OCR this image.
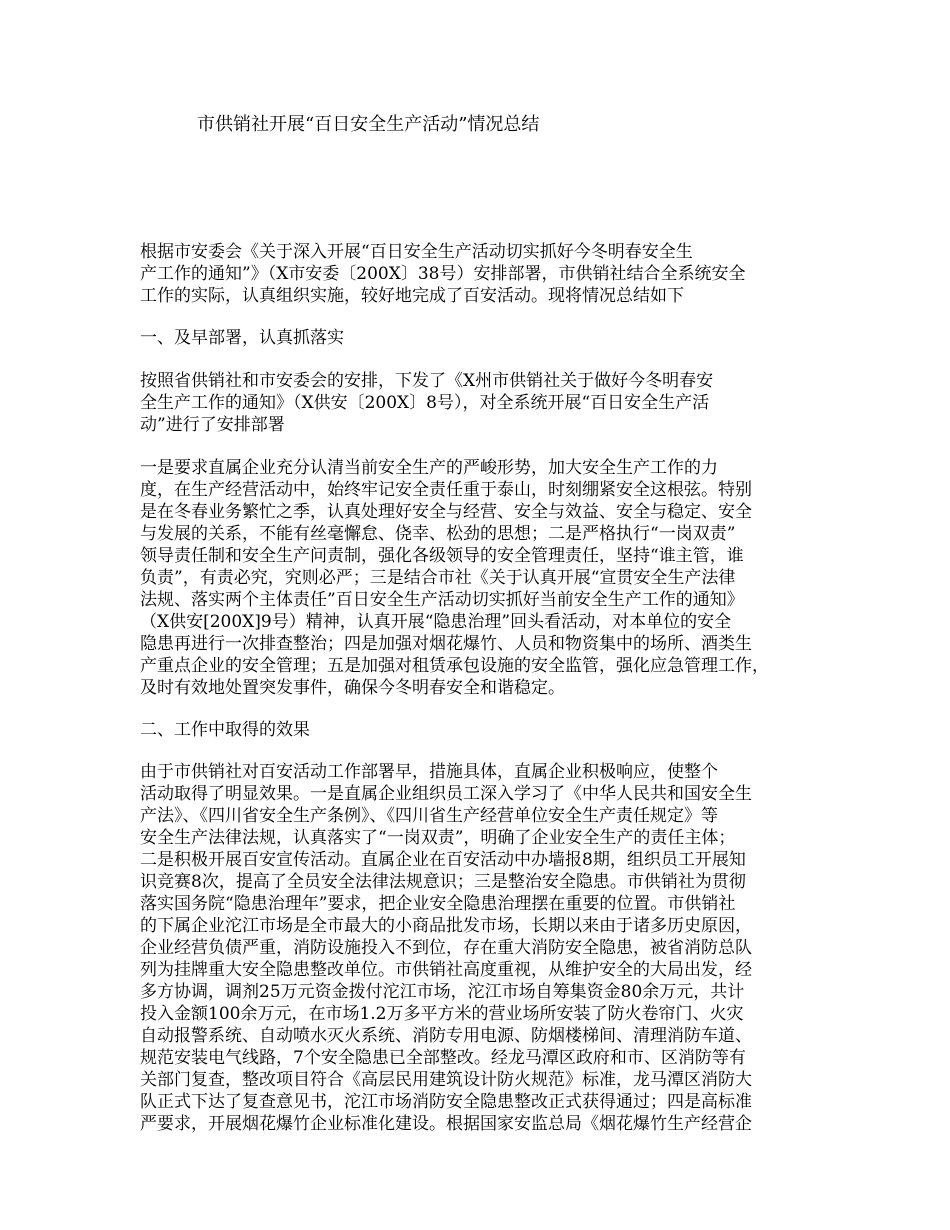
市供销社开展“百日安全生产活动”情况总结
根据市安委会《关于深入开展“百日安全生产活动切实抓好今冬明春安全生
产工作的通知”》（X市安委〔200X〕38号）安排部署，市供销社结合全系统安全
工作的实际，认真组织实施，较好地完成了百安活动。现将情况总结如下
一、及早部署，认真抓落实
按照省供销社和市安委会的安排，下发了《X州市供销社关于做好今冬明春安
全生产工作的通知》（X供安〔200X〕8号），对全系统开展“百日安全生产活
动”进行了安排部署
一是要求直属企业充分认清当前安全生产的严峻形势，加大安全生产工作的力
度，在生产经营活动中，始终牢记安全责任重于泰山，时刻绷紧安全这根弦。特别
是在冬春业务繁忙之季，认真处理好安全与经营、安全与效益、安全与稳定、安全
与发展的关系，不能有丝毫懈怠、侥幸、松劲的思想；二是严格执行“一岗双责”
领导责任制和安全生产问责制，强化各级领导的安全管理责任，坚持“谁主管，谁
负责”，有责必究，究则必严；三是结合市社《关于认真开展“宣贯安全生产法律
法规、落实两个主体责任”百日安全生产活动切实抓好当前安全生产工作的通知》
（X供安[200X]9号）精神，认真开展“隐患治理”回头看活动，对本单位的安全
隐患再进行一次排查整治；四是加强对烟花爆竹、人员和物资集中的场所、酒类生
产重点企业的安全管理；五是加强对租赁承包设施的安全监管，强化应急管理工作，
及时有效地处置突发事件，确保今冬明春安全和谐稳定。
二、工作中取得的效果
由于市供销社对百安活动工作部署早，措施具体，直属企业积极响应，使整个
活动取得了明显效果。一是直属企业组织员工深入学习了《中华人民共和国安全生
产法》、《四川省安全生产条例》、《四川省生产经营单位安全生产责任规定》等
安全生产法律法规，认真落实了“一岗双责”，明确了企业安全生产的责任主体；
二是积极开展百安宣传活动。直属企业在百安活动中办墙报8期，组织员工开展知
识竞赛8次，提高了全员安全法律法规意识；三是整治安全隐患。市供销社为贯彻
落实国务院“隐患治理年”要求，把企业安全隐患治理摆在重要的位置。市供销社
的下属企业沱江市场是全市最大的小商品批发市场，长期以来由于诸多历史原因，
企业经营负债严重，消防设施投入不到位，存在重大消防安全隐患，被省消防总队
列为挂牌重大安全隐患整改单位。市供销社高度重视，从维护安全的大局出发，经
多方协调，调剂25万元资金拨付沱江市场，沱江市场自筹集资金80余万元，共计
投入金额100余万元，在市场1.2万多平方米的营业场所安装了防火卷帘门、火灾
自动报警系统、自动喷水灭火系统、消防专用电源、防烟楼梯间、清理消防车道、
规范安装电气线路，7个安全隐患已全部整改。经龙马潭区政府和市、区消防等有
关部门复查，整改项目符合《高层民用建筑设计防火规范》标准，龙马潭区消防大
队正式下达了复查意见书，沱江市场消防安全隐患整改正式获得通过；四是高标准
严要求，开展烟花爆竹企业标准化建设。根据国家安监总局《烟花爆竹生产经营企
